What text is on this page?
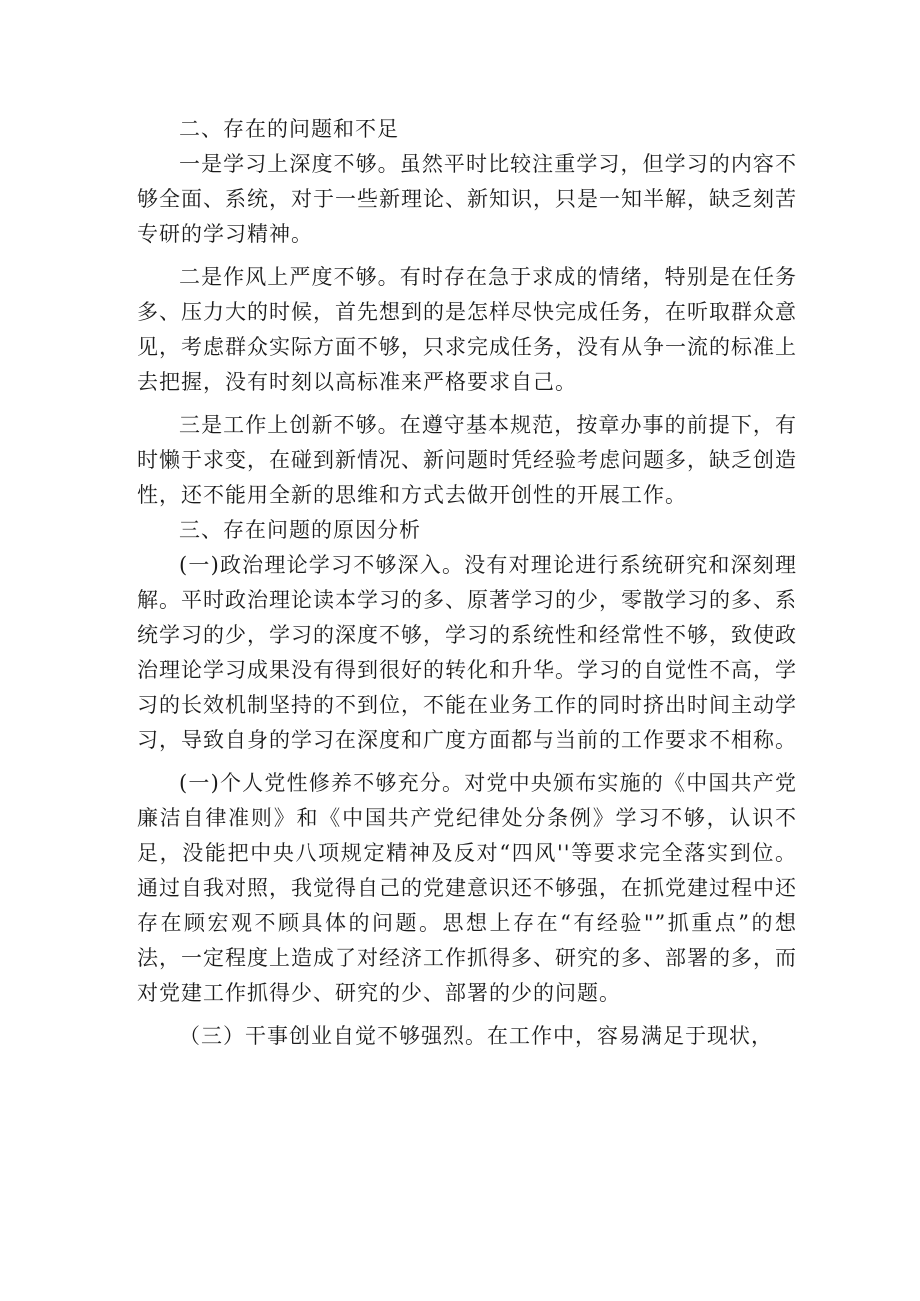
二、存在的问题和不足

一是学习上深度不够。虽然平时比较注重学习，但学习的内容不够全面、系统，对于一些新理论、新知识，只是一知半解，缺乏刻苦专研的学习精神。

二是作风上严度不够。有时存在急于求成的情绪，特别是在任务多、压力大的时候，首先想到的是怎样尽快完成任务，在听取群众意见，考虑群众实际方面不够，只求完成任务，没有从争一流的标准上去把握，没有时刻以高标准来严格要求自己。

三是工作上创新不够。在遵守基本规范，按章办事的前提下，有时懒于求变，在碰到新情况、新问题时凭经验考虑问题多，缺乏创造性，还不能用全新的思维和方式去做开创性的开展工作。

三、存在问题的原因分析

(一)政治理论学习不够深入。没有对理论进行系统研究和深刻理解。平时政治理论读本学习的多、原著学习的少，零散学习的多、系统学习的少，学习的深度不够，学习的系统性和经常性不够，致使政治理论学习成果没有得到很好的转化和升华。学习的自觉性不高，学习的长效机制坚持的不到位，不能在业务工作的同时挤出时间主动学习，导致自身的学习在深度和广度方面都与当前的工作要求不相称。

(一)个人党性修养不够充分。对党中央颁布实施的《中国共产党廉洁自律准则》和《中国共产党纪律处分条例》学习不够，认识不足，没能把中央八项规定精神及反对“四风''等要求完全落实到位。通过自我对照，我觉得自己的党建意识还不够强，在抓党建过程中还存在顾宏观不顾具体的问题。思想上存在“有经验"”抓重点”的想法，一定程度上造成了对经济工作抓得多、研究的多、部署的多，而对党建工作抓得少、研究的少、部署的少的问题。

（三）干事创业自觉不够强烈。在工作中，容易满足于现状，
